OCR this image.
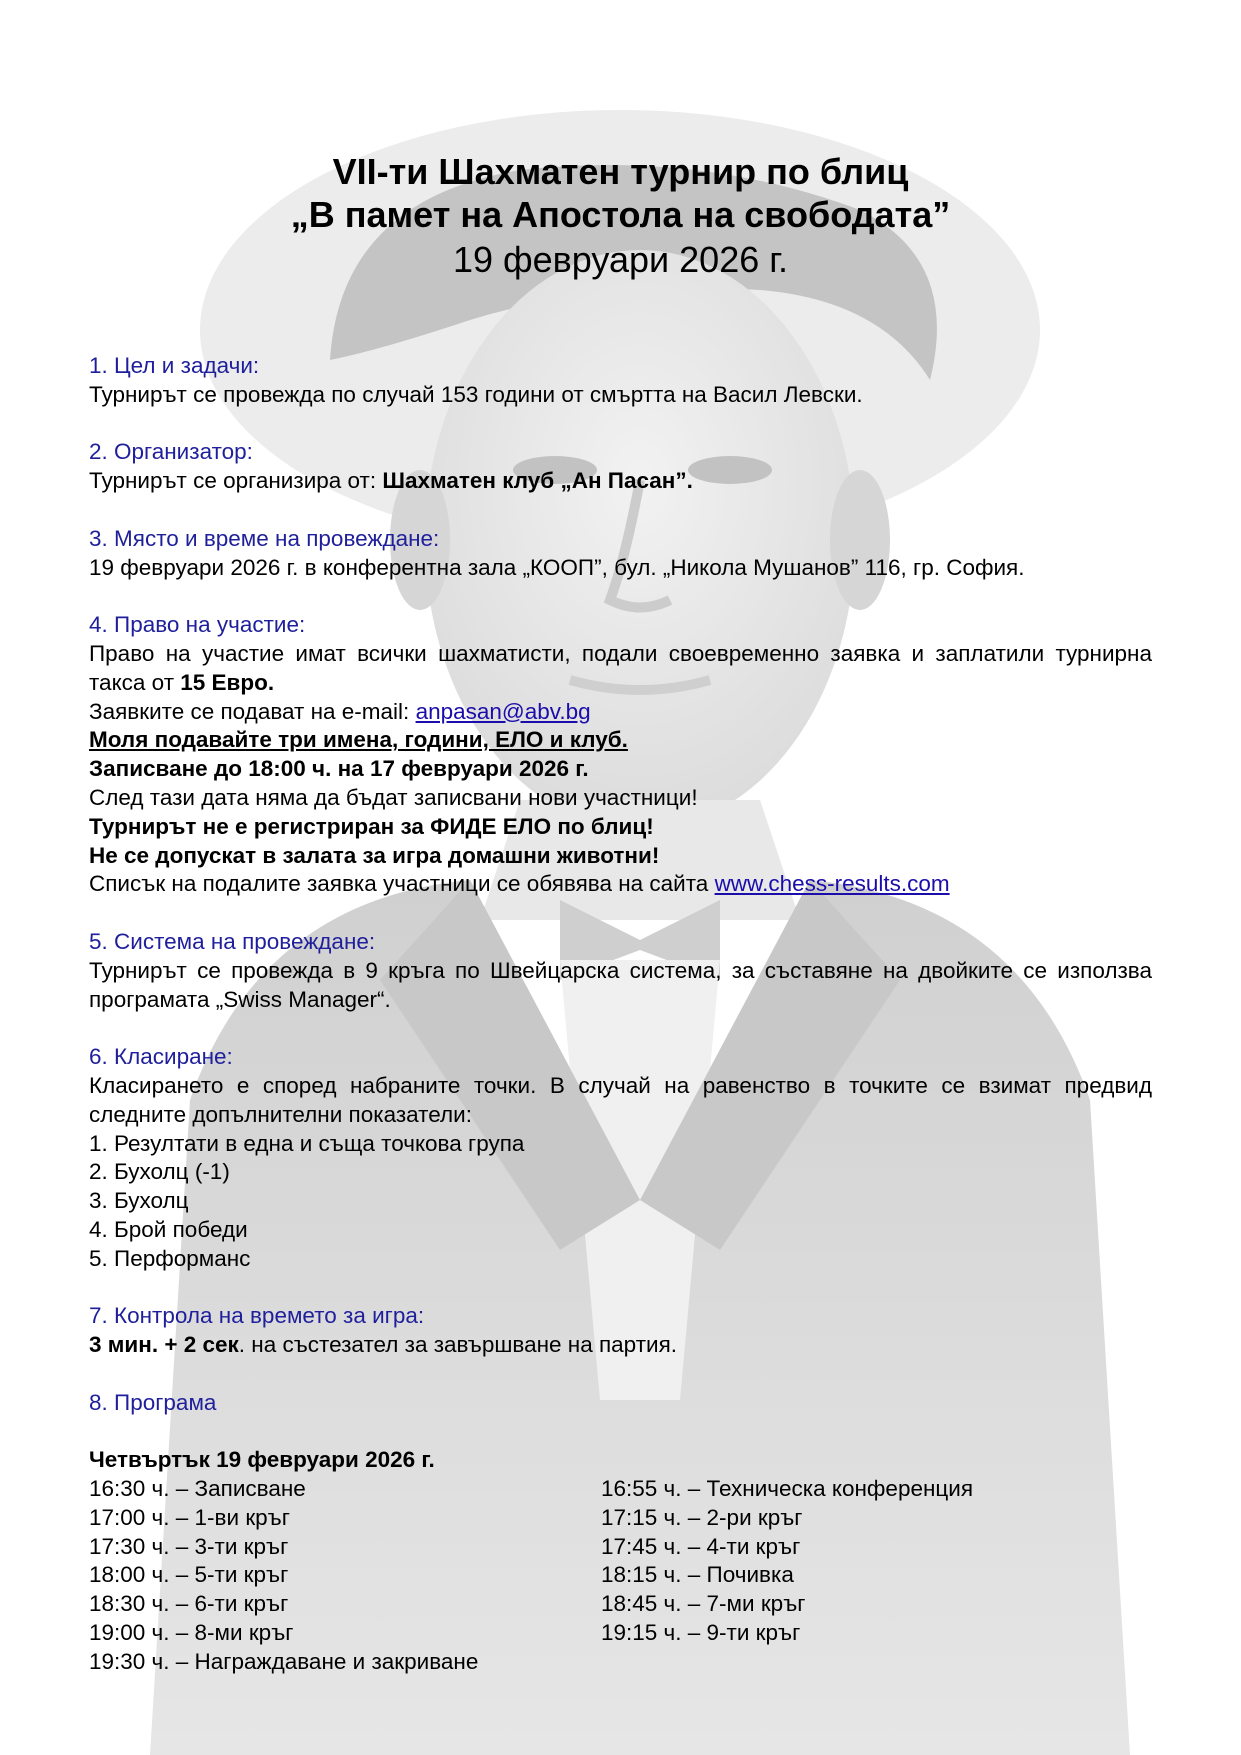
VII-ти Шахматен турнир по блиц
„В памет на Апостола на свободата”
19 февруари 2026 г.
1. Цел и задачи:
Турнирът се провежда по случай 153 години от смъртта на Васил Левски.
2. Организатор:
Турнирът се организира от: Шахматен клуб „Ан Пасан”.
3. Място и време на провеждане:
19 февруари 2026 г. в конферентна зала „КООП”, бул. „Никола Мушанов” 116, гр. София.
4. Право на участие:
Право на участие имат всички шахматисти, подали своевременно заявка и заплатили турнирна такса от 15 Евро.
Заявките се подават на e-mail: anpasan@abv.bg
Моля подавайте три имена, години, ЕЛО и клуб.
Записване до 18:00 ч. на 17 февруари 2026 г.
След тази дата няма да бъдат записвани нови участници!
Турнирът не е регистриран за ФИДЕ ЕЛО по блиц!
Не се допускат в залата за игра домашни животни!
Списък на подалите заявка участници се обявява на сайта www.chess-results.com
5. Система на провеждане:
Турнирът се провежда в 9 кръга по Швейцарска система, за съставяне на двойките се използва програмата „Swiss Manager“.
6. Класиране:
Класирането е според набраните точки. В случай на равенство в точките се взимат предвид следните допълнителни показатели:
1. Резултати в една и съща точкова група
2. Бухолц (-1)
3. Бухолц
4. Брой победи
5. Перформанс
7. Контрола на времето за игра:
3 мин. + 2 сек. на състезател за завършване на партия.
8. Програма
Четвъртък 19 февруари 2026 г.
16:30 ч. – Записване
17:00 ч. – 1-ви кръг
17:30 ч. – 3-ти кръг
18:00 ч. – 5-ти кръг
18:30 ч. – 6-ти кръг
19:00 ч. – 8-ми кръг
19:30 ч. – Награждаване и закриване
16:55 ч. – Техническа конференция
17:15 ч. – 2-ри кръг
17:45 ч. – 4-ти кръг
18:15 ч. – Почивка
18:45 ч. – 7-ми кръг
19:15 ч. – 9-ти кръг
